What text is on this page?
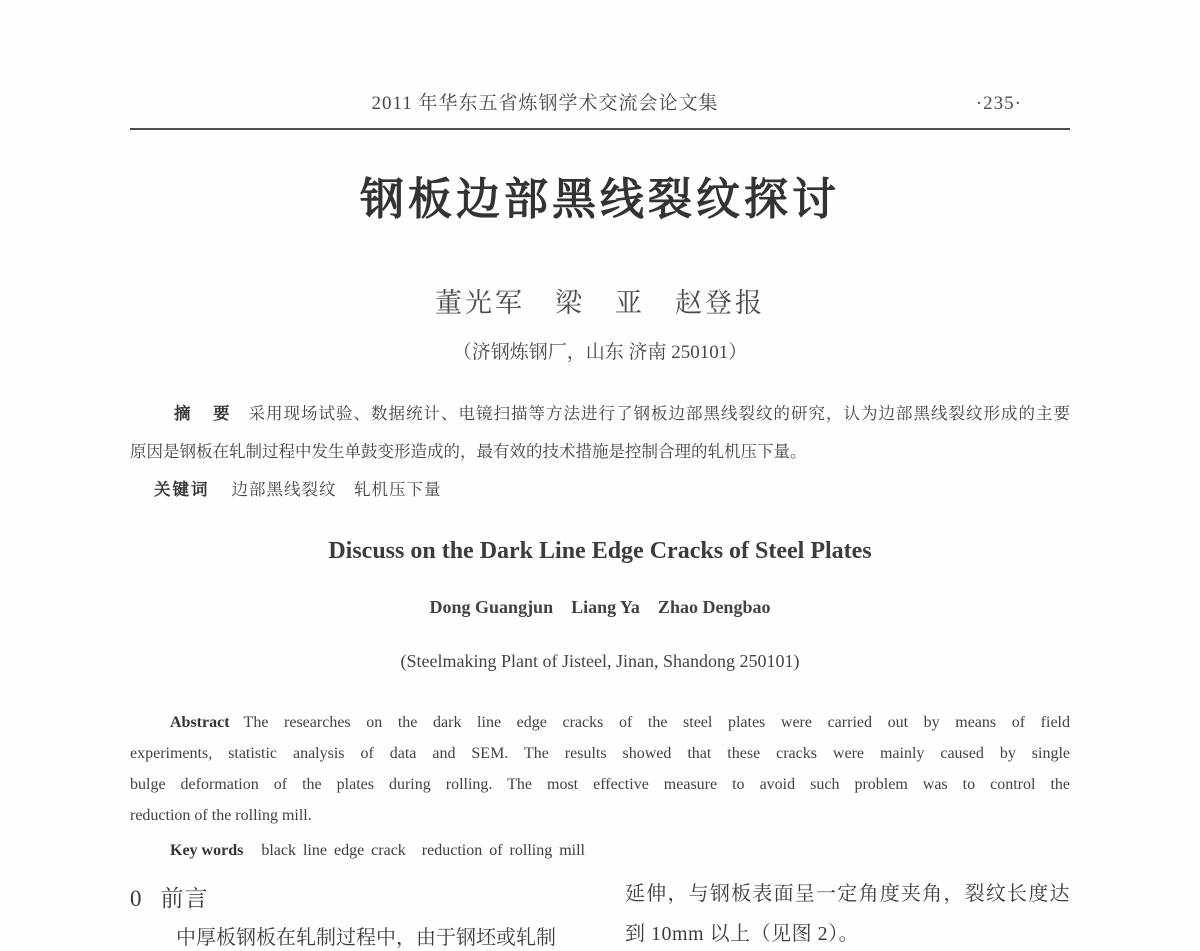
2011 年华东五省炼钢学术交流会论文集	·235·
钢板边部黑线裂纹探讨
董光军　梁　亚　赵登报
（济钢炼钢厂，山东 济南 250101）
摘　要 采用现场试验、数据统计、电镜扫描等方法进行了钢板边部黑线裂纹的研究，认为边部黑线裂纹形成的主要
原因是钢板在轧制过程中发生单鼓变形造成的，最有效的技术措施是控制合理的轧机压下量。
关键词 边部黑线裂纹　轧机压下量
Discuss on the Dark Line Edge Cracks of Steel Plates
Dong Guangjun　Liang Ya　Zhao Dengbao
(Steelmaking Plant of Jisteel, Jinan, Shandong 250101)
Abstract The researches on the dark line edge cracks of the steel plates were carried out by means of field
experiments, statistic analysis of data and SEM. The results showed that these cracks were mainly caused by single
bulge deformation of the plates during rolling. The most effective measure to avoid such problem was to control the
reduction of the rolling mill.
Key words black line edge crack　reduction of rolling mill
0 前言
中厚板钢板在轧制过程中，由于钢坯或轧制
延伸，与钢板表面呈一定角度夹角，裂纹长度达
到 10mm 以上（见图 2）。
